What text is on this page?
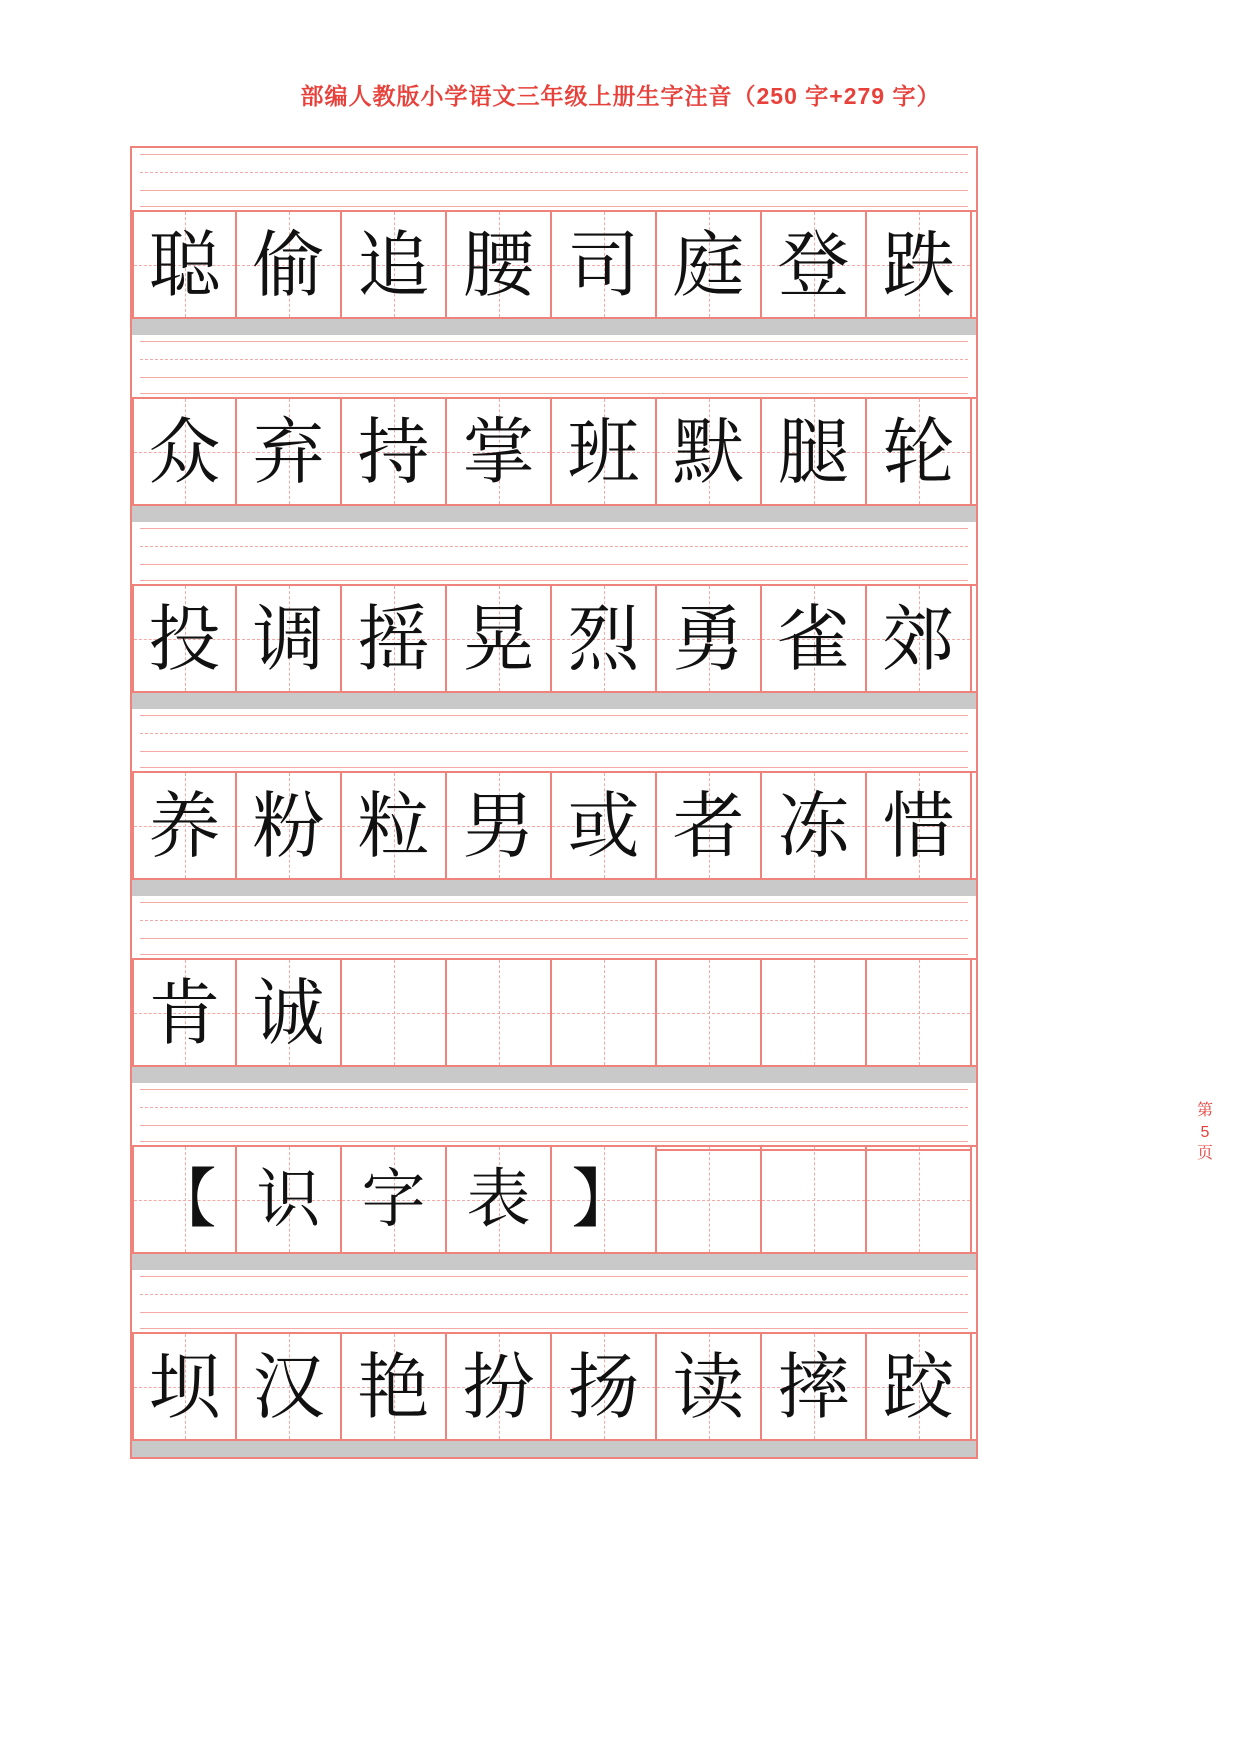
部编人教版小学语文三年级上册生字注音（250 字+279 字）
聪 偷 追 腰 司 庭 登 跌
众 弃 持 掌 班 默 腿 轮
投 调 摇 晃 烈 勇 雀 郊
养 粉 粒 男 或 者 冻 惜
肯 诚
【 识 字 表 】
坝 汉 艳 扮 扬 读 摔 跤
第
5
页
